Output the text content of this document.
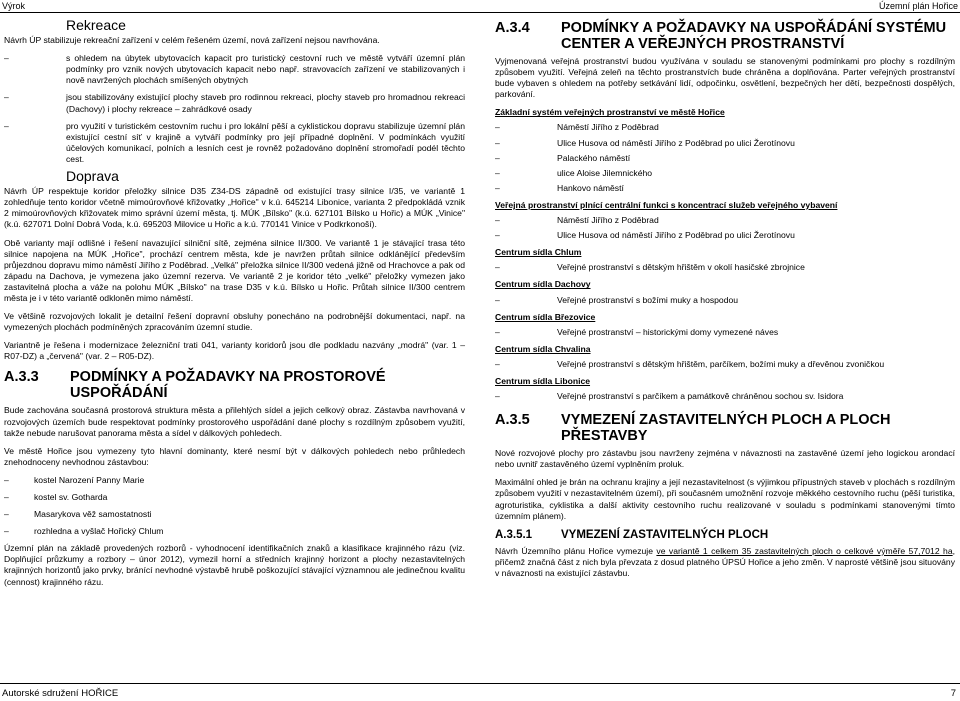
Výrok	Územní plán Hořice
Rekreace

Návrh ÚP stabilizuje rekreační zařízení v celém řešeném území, nová zařízení nejsou navrhována.

–	s ohledem na úbytek ubytovacích kapacit pro turistický cestovní ruch ve městě vytváří územní plán podmínky pro vznik nových ubytovacích kapacit nebo např. stravovacích zařízení ve stabilizovaných i nově navržených plochách smíšených obytných
–	jsou stabilizovány existující plochy staveb pro rodinnou rekreaci, plochy staveb pro hromadnou rekreaci (Dachovy) i plochy rekreace – zahrádkové osady
–	pro využití v turistickém cestovním ruchu i pro lokální pěší a cyklistickou dopravu stabilizuje územní plán existující cestní síť v krajině a vytváří podmínky pro její případné doplnění. V podmínkách využití účelových komunikací, polních a lesních cest je rovněž požadováno doplnění stromořadí podél těchto cest.
Doprava

Návrh ÚP respektuje koridor přeložky silnice D35 Z34-DS západně od existující trasy silnice I/35, ve variantě 1 zohledňuje tento koridor včetně mimoúrovňové křižovatky „Hořice" v k.ú. 645214 Libonice, varianta 2 předpokládá vznik 2 mimoúrovňových křižovatek mimo správní území města, tj. MÚK „Bílsko" (k.ú. 627101 Bílsko u Hořic) a MÚK „Vinice" (k.ú. 627071 Dolní Dobrá Voda, k.ú. 695203 Milovice u Hořic a k.ú. 770141 Vinice v Podkrkonoší).

Obě varianty mají odlišné i řešení navazující silniční sítě, zejména silnice II/300. Ve variantě 1 je stávající trasa této silnice napojena na MÚK „Hořice", prochází centrem města, kde je navržen průtah silnice odklánějící především průjezdnou dopravu mimo náměstí Jiřího z Poděbrad. „Velká" přeložka silnice II/300 vedená jižně od Hrachovce a pak od západu na Dachova, je vymezena jako územní rezerva. Ve variantě 2 je koridor této „velké" přeložky vymezen jako zastavitelná plocha a váže na polohu MÚK „Bílsko" na trase D35 v k.ú. Bílsko u Hořic. Průtah silnice II/300 centrem města je i v této variantě odkloněn mimo náměstí.

Ve většině rozvojových lokalit je detailní řešení dopravní obsluhy ponecháno na podrobnější dokumentaci, např. na vymezených plochách podmíněných zpracováním územní studie.

Variantně je řešena i modernizace železniční trati 041, varianty koridorů jsou dle podkladu nazvány „modrá" (var. 1 – R07-DZ) a „červená" (var. 2 – R05-DZ).

A.3.3	PODMÍNKY A POŽADAVKY NA PROSTOROVÉ USPOŘÁDÁNÍ

Bude zachována současná prostorová struktura města a přilehlých sídel a jejich celkový obraz. Zástavba navrhovaná v rozvojových územích bude respektovat podmínky prostorového uspořádání dané plochy s rozdílným způsobem využití, takže nebude narušovat panorama města a sídel v dálkových pohledech.

Ve městě Hořice jsou vymezeny tyto hlavní dominanty, které nesmí být v dálkových pohledech nebo průhledech znehodnoceny nevhodnou zástavbou:

–	kostel Narození Panny Marie
–	kostel sv. Gotharda
–	Masarykova věž samostatnosti
–	rozhledna a vyšlač Hořický Chlum

Územní plán na základě provedených rozborů - vyhodnocení identifikačních znaků a klasifikace krajinného rázu (viz. Doplňující průzkumy a rozbory – únor 2012), vymezil horní a středních krajinný horizont a plochy nezastavitelných krajinných horizontů jako prvky, bránící nevhodné výstavbě hrubě poškozující stávající významnou ale jedinečnou kvalitu (cennost) krajinného rázu.

A.3.4	PODMÍNKY A POŽADAVKY NA USPOŘÁDÁNÍ SYSTÉMU CENTER A VEŘEJNÝCH PROSTRANSTVÍ

Vyjmenovaná veřejná prostranství budou využívána v souladu se stanovenými podmínkami pro plochy s rozdílným způsobem využití. Veřejná zeleň na těchto prostranstvích bude chráněna a doplňována. Parter veřejných prostranství bude vybaven s ohledem na potřeby setkávání lidí, odpočinku, osvětlení, bezpečných her dětí, bezpečnosti dospělých, parkování.

Základní systém veřejných prostranství ve městě Hořice
–	Náměstí Jiřího z Poděbrad
–	Ulice Husova od náměstí Jiřího z Poděbrad po ulici Žerotínovu
–	Palackého náměstí
–	ulice Aloise Jilemnického
–	Hankovo náměstí
Veřejná prostranství plnící centrální funkci s koncentrací služeb veřejného vybavení
–	Náměstí Jiřího z Poděbrad
–	Ulice Husova od náměstí Jiřího z Poděbrad po ulici Žerotínovu
Centrum sídla Chlum
–	Veřejné prostranství s dětským hřištěm v okolí hasičské zbrojnice
Centrum sídla Dachovy
–	Veřejné prostranství s božími muky a hospodou
Centrum sídla Březovice
–	Veřejné prostranství – historickými domy vymezené náves
Centrum sídla Chvalina
–	Veřejné prostranství s dětským hřištěm, parčíkem, božími muky a dřevěnou zvoničkou
Centrum sídla Libonice
–	Veřejné prostranství s parčíkem a památkově chráněnou sochou sv. Isidora
A.3.5	VYMEZENÍ ZASTAVITELNÝCH PLOCH A PLOCH PŘESTAVBY

Nové rozvojové plochy pro zástavbu jsou navrženy zejména v návaznosti na zastavěné území jeho logickou arondací nebo uvnitř zastavěného území vyplněním proluk.

Maximální ohled je brán na ochranu krajiny a její nezastavitelnost (s výjimkou přípustných staveb v plochách s rozdílným způsobem využití v nezastavitelném území), při současném umožnění rozvoje měkkého cestovního ruchu (pěší turistika, agroturistika, cyklistika a další aktivity cestovního ruchu realizované v souladu s podmínkami stanovenými tímto územním plánem).

A.3.5.1	VYMEZENÍ ZASTAVITELNÝCH PLOCH

Návrh Územního plánu Hořice vymezuje ve variantě 1 celkem 35 zastavitelných ploch o celkové výměře 57,7012 ha, přičemž značná část z nich byla převzata z dosud platného ÚPSÚ Hořice a jeho změn. V naprosté většině jsou situovány v návaznosti na existující zástavbu.

Autorské sdružení HOŘICE	7
